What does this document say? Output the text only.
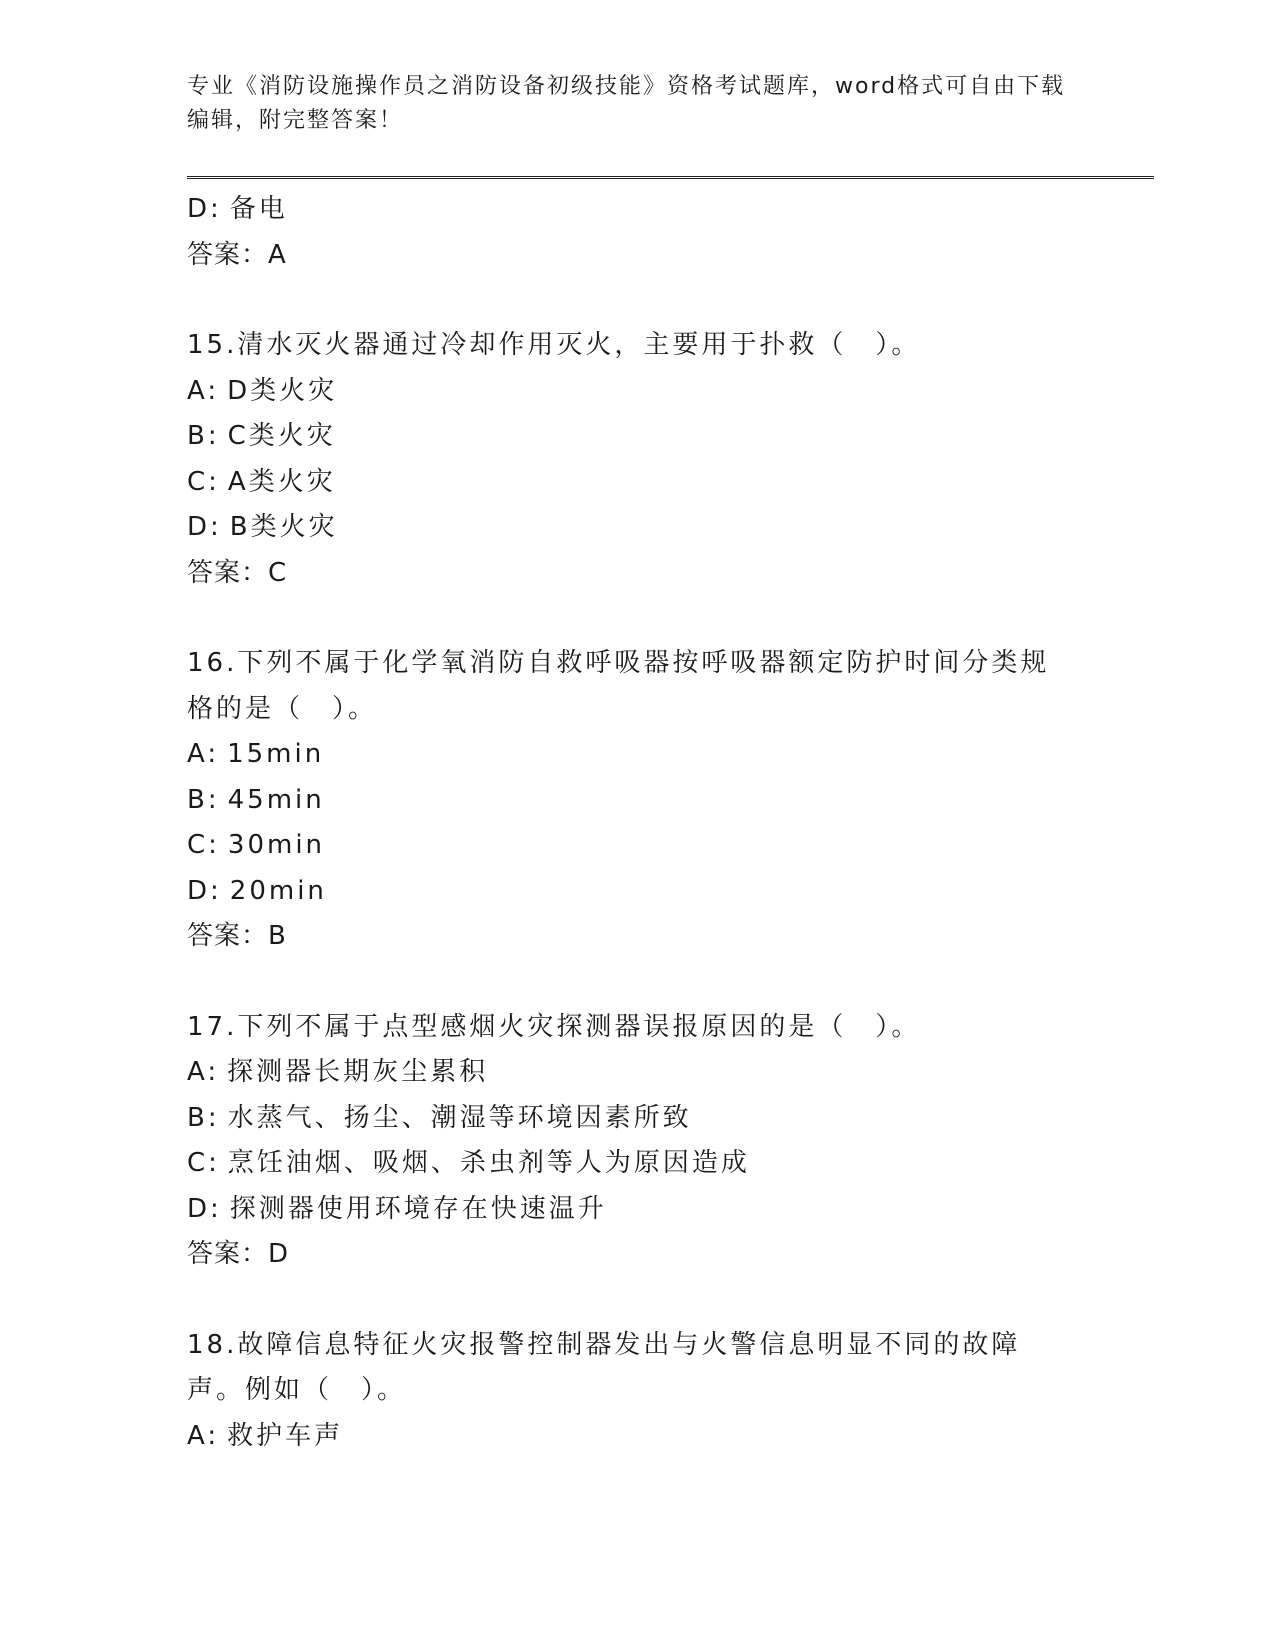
专业《消防设施操作员之消防设备初级技能》资格考试题库，word格式可自由下载编辑，附完整答案！
D: 备电
答案：A
15.清水灭火器通过冷却作用灭火，主要用于扑救（　）。
A: D类火灾
B: C类火灾
C: A类火灾
D: B类火灾
答案：C
16.下列不属于化学氧消防自救呼吸器按呼吸器额定防护时间分类规格的是（　）。
A: 15min
B: 45min
C: 30min
D: 20min
答案：B
17.下列不属于点型感烟火灾探测器误报原因的是（　）。
A: 探测器长期灰尘累积
B: 水蒸气、扬尘、潮湿等环境因素所致
C: 烹饪油烟、吸烟、杀虫剂等人为原因造成
D: 探测器使用环境存在快速温升
答案：D
18.故障信息特征火灾报警控制器发出与火警信息明显不同的故障声。例如（　）。
A: 救护车声
